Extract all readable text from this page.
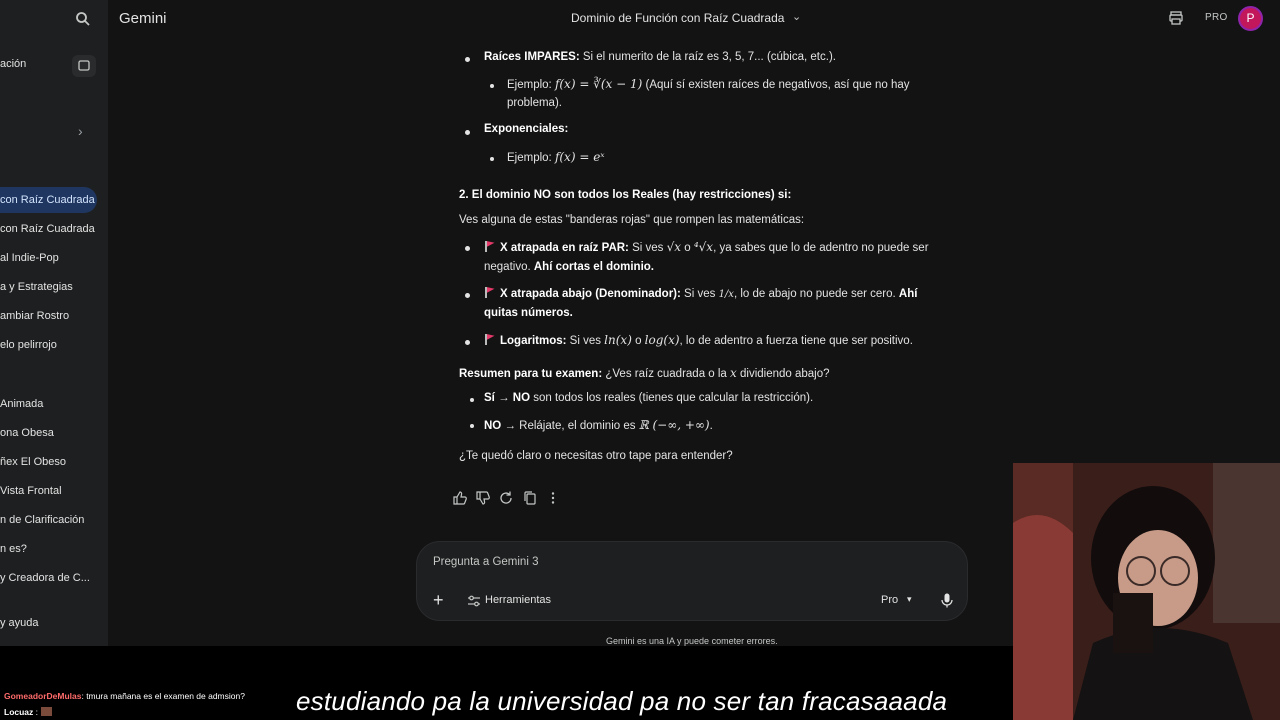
ación
›
con Raíz Cuadrada
con Raíz Cuadrada
al Indie-Pop
a y Estrategias
ambiar Rostro
elo pelirrojo
Animada
ona Obesa
ñex El Obeso
Vista Frontal
n de Clarificación
n es?
y Creadora de C...
y ayuda
Gemini	Dominio de Función con Raíz Cuadrada ⌄	PRO	P
Raíces IMPARES: Si el numerito de la raíz es 3, 5, 7... (cúbica, etc.).
Ejemplo: f(x) = ∛(x − 1) (Aquí sí existen raíces de negativos, así que no hay
problema).
Exponenciales:
Ejemplo: f(x) = eˣ
2. El dominio NO son todos los Reales (hay restricciones) si:
Ves alguna de estas "banderas rojas" que rompen las matemáticas:
X atrapada en raíz PAR: Si ves √x o ⁴√x, ya sabes que lo de adentro no puede ser
negativo. Ahí cortas el dominio.
X atrapada abajo (Denominador): Si ves 1/x, lo de abajo no puede ser cero. Ahí
quitas números.
Logaritmos: Si ves ln(x) o log(x), lo de adentro a fuerza tiene que ser positivo.
Resumen para tu examen: ¿Ves raíz cuadrada o la x dividiendo abajo?
Sí → NO son todos los reales (tienes que calcular la restricción).
NO → Relájate, el dominio es ℝ (−∞, +∞).
¿Te quedó claro o necesitas otro tape para entender?
Pregunta a Gemini 3
+	Herramientas	Pro ▾
Gemini es una IA y puede cometer errores.
GomeadorDeMulas: tmura mañana es el examen de admsion?
Locuaz :	estudiando pa la universidad pa no ser tan fracasaaada
